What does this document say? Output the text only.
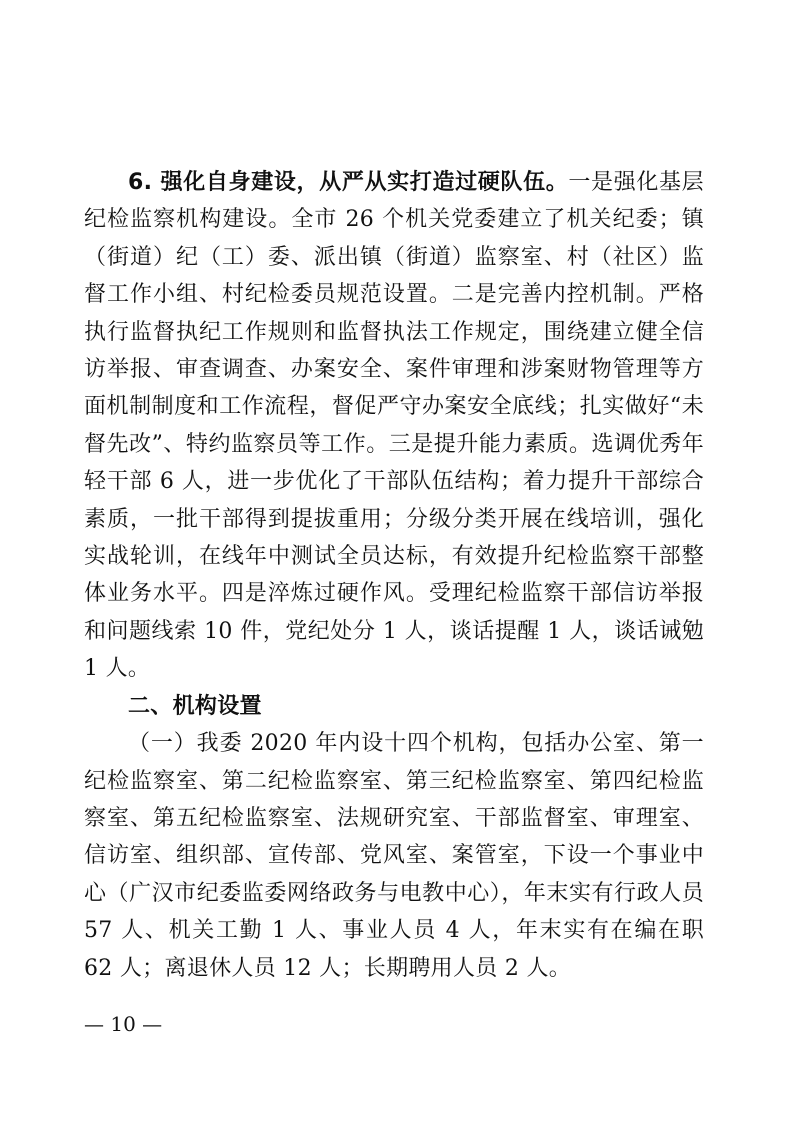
6. 强化自身建设，从严从实打造过硬队伍。一是强化基层纪检监察机构建设。全市 26 个机关党委建立了机关纪委；镇（街道）纪（工）委、派出镇（街道）监察室、村（社区）监督工作小组、村纪检委员规范设置。二是完善内控机制。严格执行监督执纪工作规则和监督执法工作规定，围绕建立健全信访举报、审查调查、办案安全、案件审理和涉案财物管理等方面机制制度和工作流程，督促严守办案安全底线；扎实做好“未督先改”、特约监察员等工作。三是提升能力素质。选调优秀年轻干部 6 人，进一步优化了干部队伍结构；着力提升干部综合素质，一批干部得到提拔重用；分级分类开展在线培训，强化实战轮训，在线年中测试全员达标，有效提升纪检监察干部整体业务水平。四是淬炼过硬作风。受理纪检监察干部信访举报和问题线索 10 件，党纪处分 1 人，谈话提醒 1 人，谈话诫勉 1 人。

二、机构设置

（一）我委 2020 年内设十四个机构，包括办公室、第一纪检监察室、第二纪检监察室、第三纪检监察室、第四纪检监察室、第五纪检监察室、法规研究室、干部监督室、审理室、信访室、组织部、宣传部、党风室、案管室，下设一个事业中心（广汉市纪委监委网络政务与电教中心），年末实有行政人员 57 人、机关工勤 1 人、事业人员 4 人，年末实有在编在职 62 人；离退休人员 12 人；长期聘用人员 2 人。

— 10 —
